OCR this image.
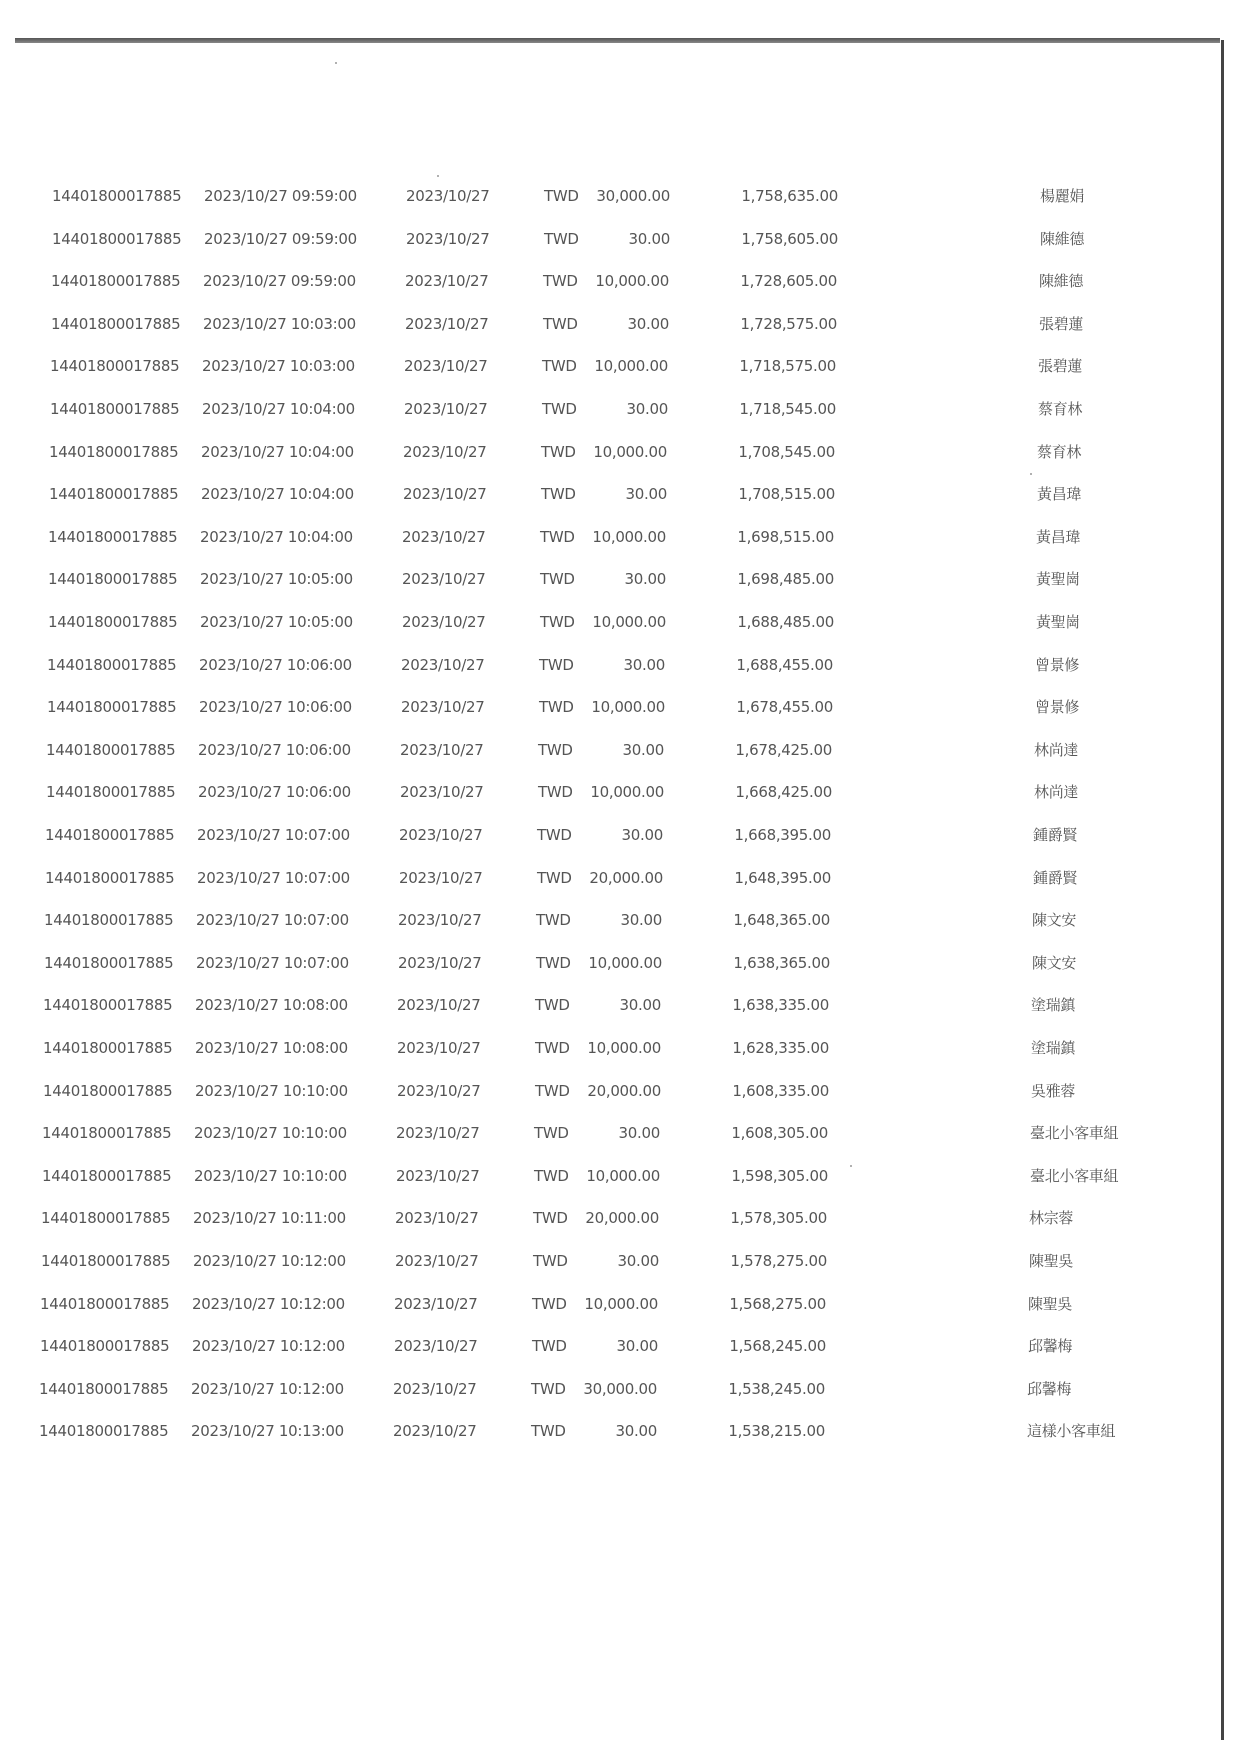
14401800017885 2023/10/27 09:59:00	2023/10/27	TWD 30,000.00	1,758,635.00	楊麗娟
14401800017885 2023/10/27 09:59:00	2023/10/27	TWD	30.00	1,758,605.00	陳維德
14401800017885 2023/10/27 09:59:00	2023/10/27	TWD 10,000.00	1,728,605.00	陳維德
14401800017885 2023/10/27 10:03:00	2023/10/27	TWD	30.00	1,728,575.00	張碧蓮
14401800017885 2023/10/27 10:03:00	2023/10/27	TWD 10,000.00	1,718,575.00	張碧蓮
14401800017885 2023/10/27 10:04:00	2023/10/27	TWD	30.00	1,718,545.00	蔡育林
14401800017885 2023/10/27 10:04:00	2023/10/27	TWD 10,000.00	1,708,545.00	蔡育林
14401800017885 2023/10/27 10:04:00	2023/10/27	TWD	30.00	1,708,515.00	黃昌瑋
14401800017885 2023/10/27 10:04:00	2023/10/27	TWD 10,000.00	1,698,515.00	黃昌瑋
14401800017885 2023/10/27 10:05:00	2023/10/27	TWD	30.00	1,698,485.00	黃聖崗
14401800017885 2023/10/27 10:05:00	2023/10/27	TWD 10,000.00	1,688,485.00	黃聖崗
14401800017885 2023/10/27 10:06:00	2023/10/27	TWD	30.00	1,688,455.00	曾景修
14401800017885 2023/10/27 10:06:00	2023/10/27	TWD 10,000.00	1,678,455.00	曾景修
14401800017885 2023/10/27 10:06:00	2023/10/27	TWD	30.00	1,678,425.00	林尚達
14401800017885 2023/10/27 10:06:00	2023/10/27	TWD 10,000.00	1,668,425.00	林尚達
14401800017885 2023/10/27 10:07:00	2023/10/27	TWD	30.00	1,668,395.00	鍾爵賢
14401800017885 2023/10/27 10:07:00	2023/10/27	TWD 20,000.00	1,648,395.00	鍾爵賢
14401800017885 2023/10/27 10:07:00	2023/10/27	TWD	30.00	1,648,365.00	陳文安
14401800017885 2023/10/27 10:07:00	2023/10/27	TWD 10,000.00	1,638,365.00	陳文安
14401800017885 2023/10/27 10:08:00	2023/10/27	TWD	30.00	1,638,335.00	塗瑞鎮
14401800017885 2023/10/27 10:08:00	2023/10/27	TWD 10,000.00	1,628,335.00	塗瑞鎮
14401800017885 2023/10/27 10:10:00	2023/10/27	TWD 20,000.00	1,608,335.00	吳雅蓉
14401800017885 2023/10/27 10:10:00	2023/10/27	TWD	30.00	1,608,305.00	臺北小客車組
14401800017885 2023/10/27 10:10:00	2023/10/27	TWD 10,000.00	1,598,305.00	臺北小客車組
14401800017885 2023/10/27 10:11:00	2023/10/27	TWD 20,000.00	1,578,305.00	林宗蓉
14401800017885 2023/10/27 10:12:00	2023/10/27	TWD	30.00	1,578,275.00	陳聖吳
14401800017885 2023/10/27 10:12:00	2023/10/27	TWD 10,000.00	1,568,275.00	陳聖吳
14401800017885 2023/10/27 10:12:00	2023/10/27	TWD	30.00	1,568,245.00	邱馨梅
14401800017885 2023/10/27 10:12:00	2023/10/27	TWD 30,000.00	1,538,245.00	邱馨梅
14401800017885 2023/10/27 10:13:00	2023/10/27	TWD	30.00	1,538,215.00	這樣小客車組
